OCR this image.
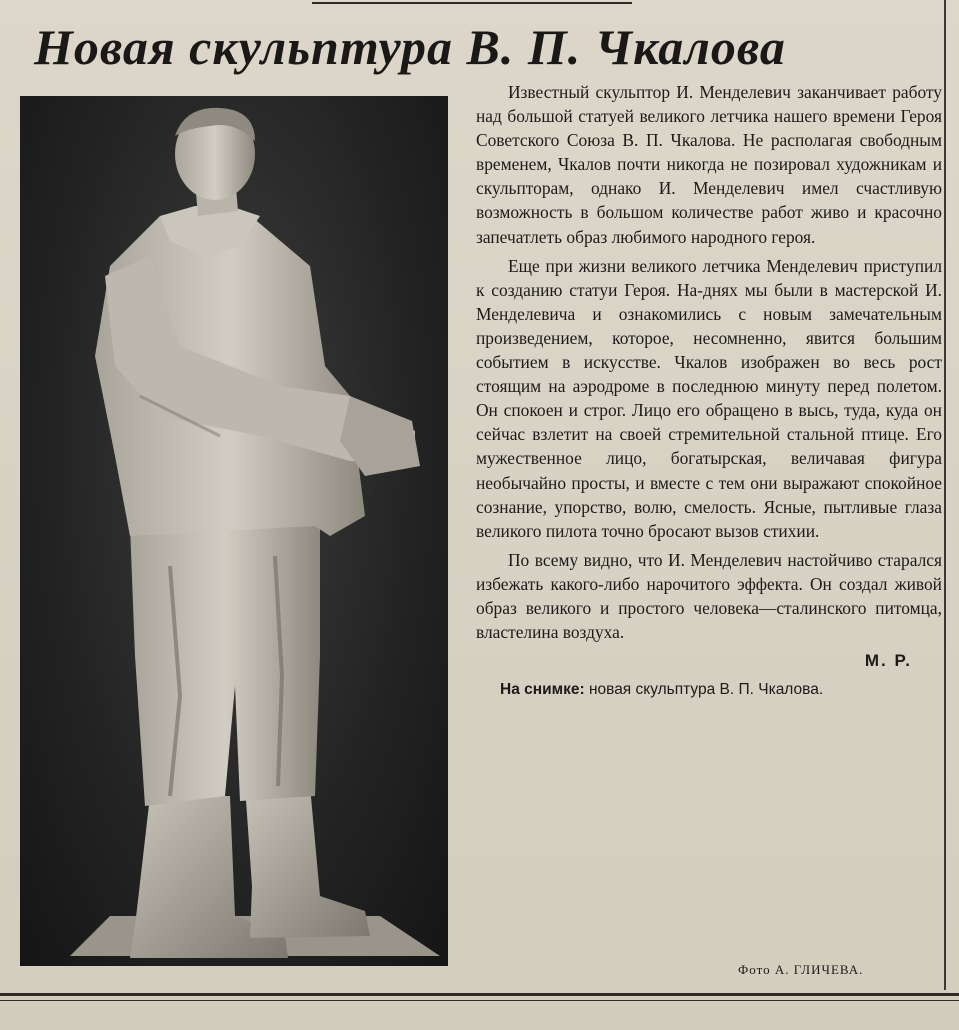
Новая скульптура В. П. Чкалова

Известный скульптор И. Менделевич заканчивает работу над большой статуей великого летчика нашего времени Героя Советского Союза В. П. Чкалова. Не располагая свободным временем, Чкалов почти никогда не позировал художникам и скульпторам, однако И. Менделевич имел счастливую возможность в большом количестве работ живо и красочно запечатлеть образ любимого народного героя.

Еще при жизни великого летчика Менделевич приступил к созданию статуи Героя. На-днях мы были в мастерской И. Менделевича и ознакомились с новым замечательным произведением, которое, несомненно, явится большим событием в искусстве. Чкалов изображен во весь рост стоящим на аэродроме в последнюю минуту перед полетом. Он спокоен и строг. Лицо его обращено в высь, туда, куда он сейчас взлетит на своей стремительной стальной птице. Его мужественное лицо, богатырская, величавая фигура необычайно просты, и вместе с тем они выражают спокойное сознание, упорство, волю, смелость. Ясные, пытливые глаза великого пилота точно бросают вызов стихии.

По всему видно, что И. Менделевич настойчиво старался избежать какого-либо нарочитого эффекта. Он создал живой образ великого и простого человека—сталинского питомца, властелина воздуха.

М. Р.
На снимке: новая скульптура В. П. Чкалова.
Фото А. ГЛИЧЕВА.
